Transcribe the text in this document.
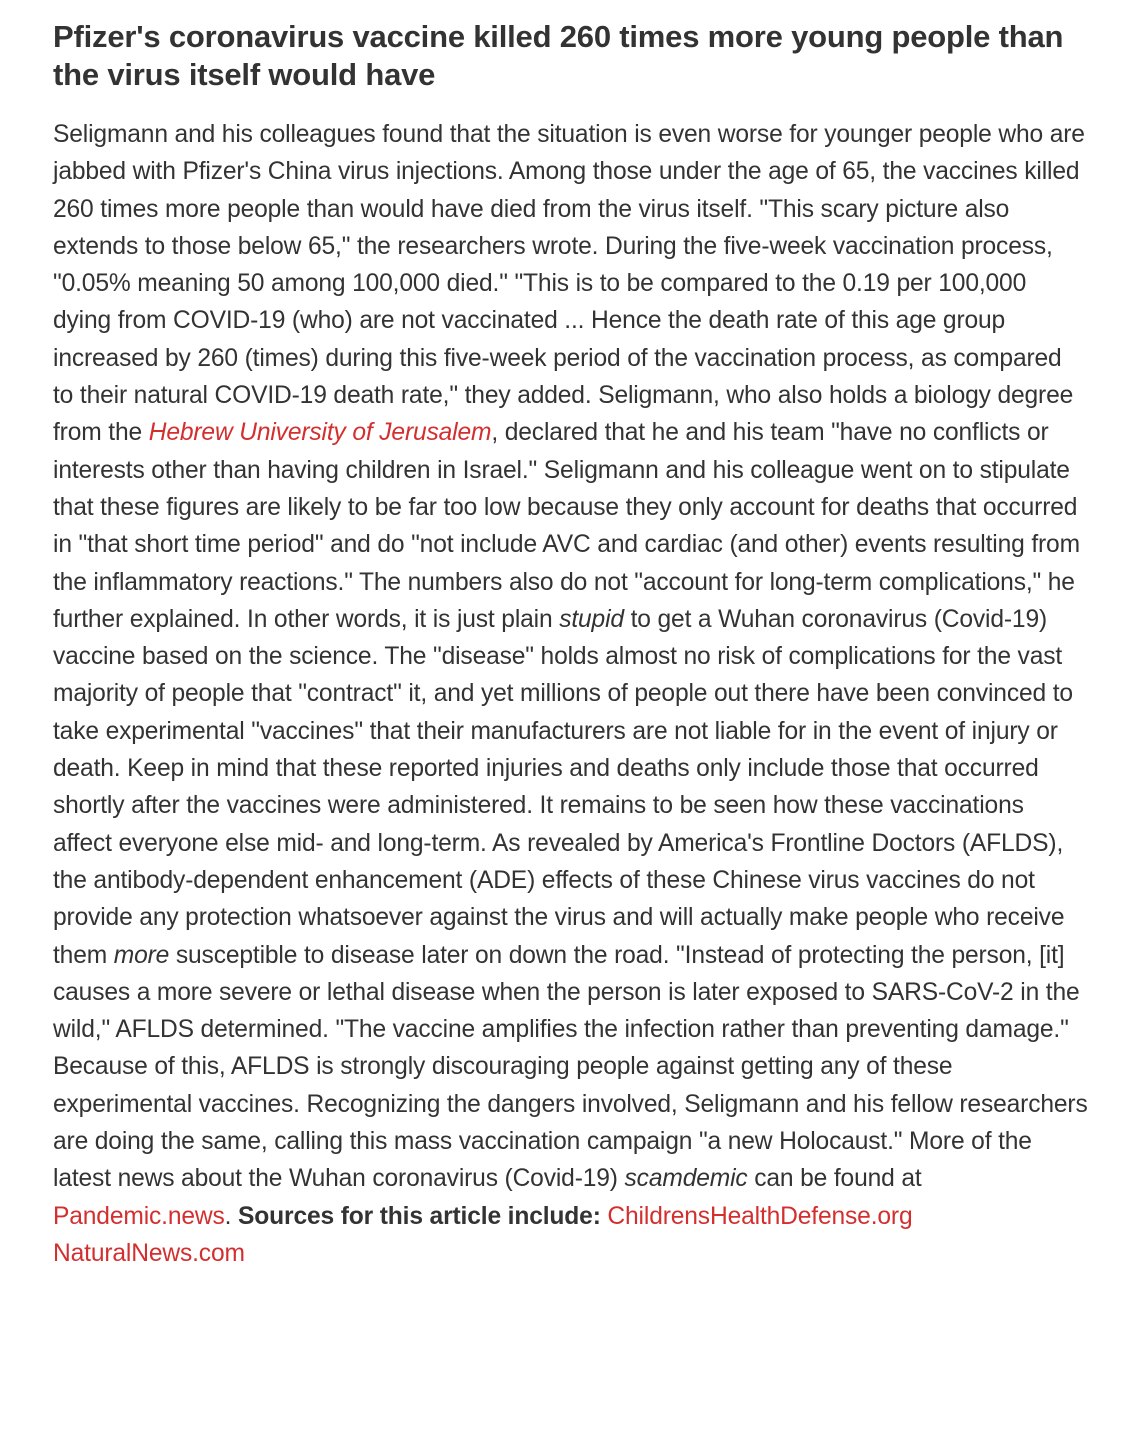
Pfizer's coronavirus vaccine killed 260 times more young people than the virus itself would have

Seligmann and his colleagues found that the situation is even worse for younger people who are jabbed with Pfizer's China virus injections. Among those under the age of 65, the vaccines killed 260 times more people than would have died from the virus itself. "This scary picture also extends to those below 65," the researchers wrote. During the five-week vaccination process, "0.05% meaning 50 among 100,000 died." "This is to be compared to the 0.19 per 100,000 dying from COVID-19 (who) are not vaccinated ... Hence the death rate of this age group increased by 260 (times) during this five-week period of the vaccination process, as compared to their natural COVID-19 death rate," they added. Seligmann, who also holds a biology degree from the Hebrew University of Jerusalem, declared that he and his team "have no conflicts or interests other than having children in Israel." Seligmann and his colleague went on to stipulate that these figures are likely to be far too low because they only account for deaths that occurred in "that short time period" and do "not include AVC and cardiac (and other) events resulting from the inflammatory reactions." The numbers also do not "account for long-term complications," he further explained. In other words, it is just plain stupid to get a Wuhan coronavirus (Covid-19) vaccine based on the science. The "disease" holds almost no risk of complications for the vast majority of people that "contract" it, and yet millions of people out there have been convinced to take experimental "vaccines" that their manufacturers are not liable for in the event of injury or death. Keep in mind that these reported injuries and deaths only include those that occurred shortly after the vaccines were administered. It remains to be seen how these vaccinations affect everyone else mid- and long-term. As revealed by America's Frontline Doctors (AFLDS), the antibody-dependent enhancement (ADE) effects of these Chinese virus vaccines do not provide any protection whatsoever against the virus and will actually make people who receive them more susceptible to disease later on down the road. "Instead of protecting the person, [it] causes a more severe or lethal disease when the person is later exposed to SARS-CoV-2 in the wild," AFLDS determined. "The vaccine amplifies the infection rather than preventing damage." Because of this, AFLDS is strongly discouraging people against getting any of these experimental vaccines. Recognizing the dangers involved, Seligmann and his fellow researchers are doing the same, calling this mass vaccination campaign "a new Holocaust." More of the latest news about the Wuhan coronavirus (Covid-19) scamdemic can be found at Pandemic.news. Sources for this article include: ChildrensHealthDefense.org
NaturalNews.com
